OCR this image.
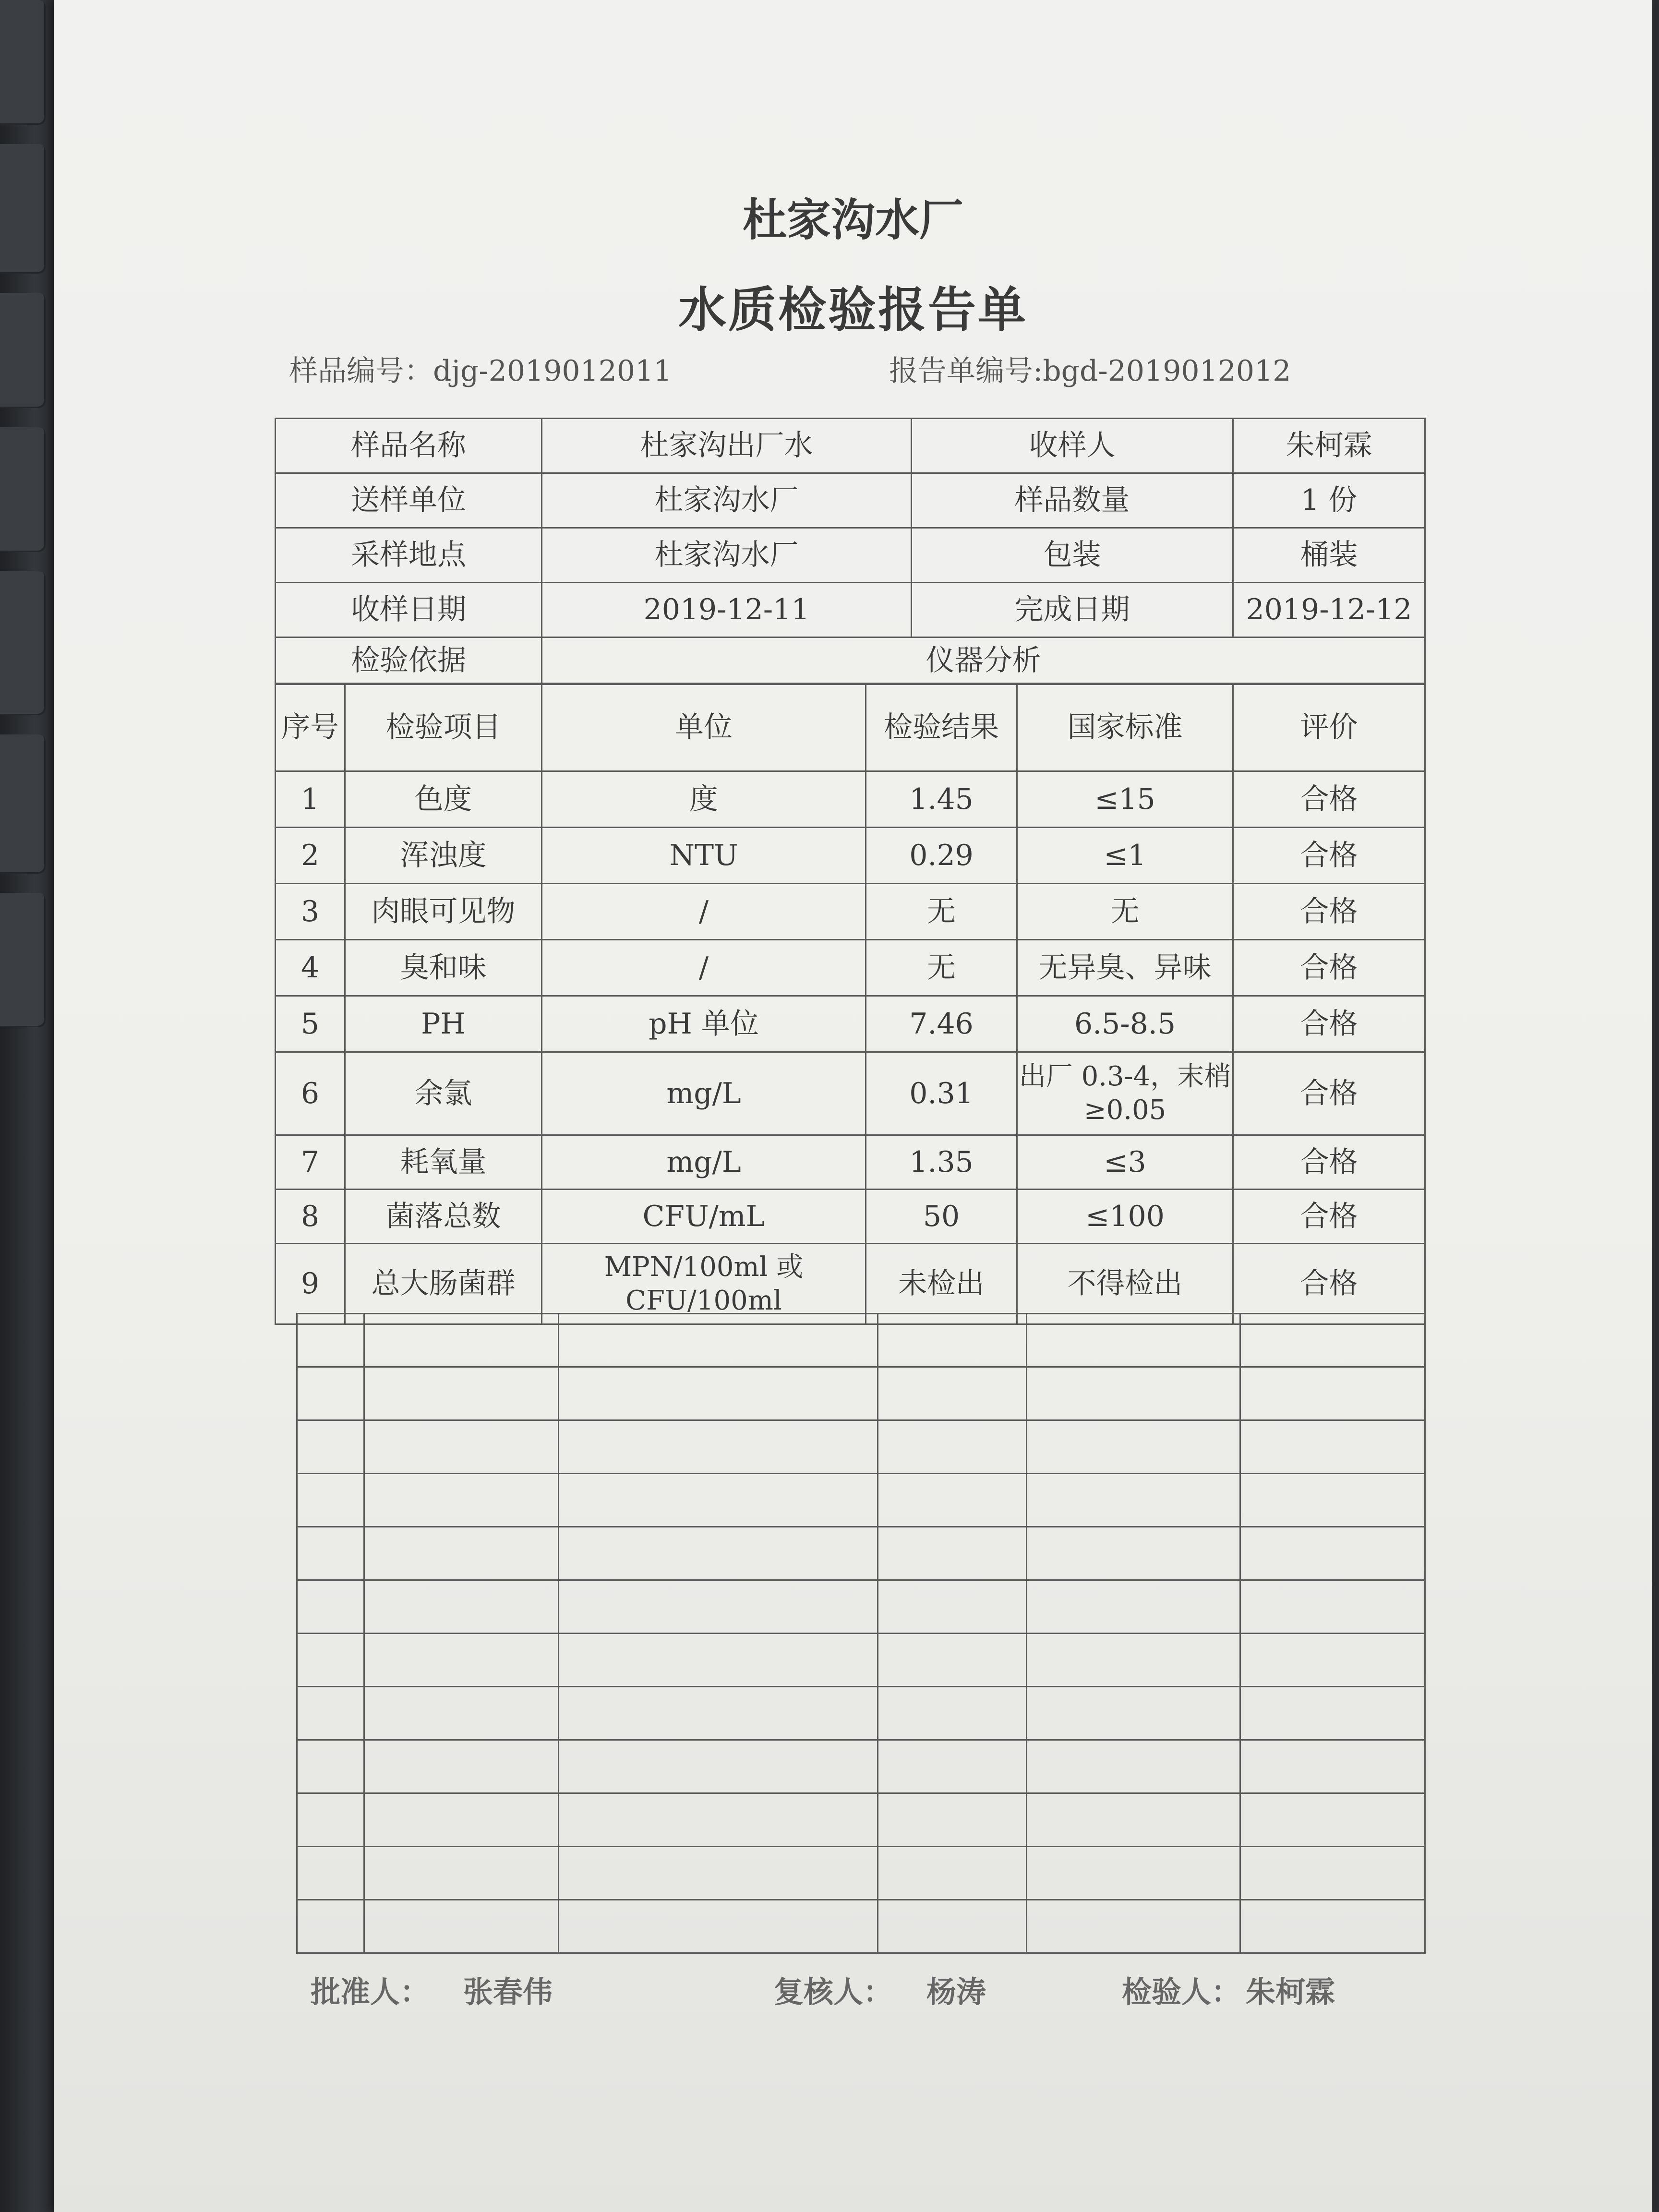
杜家沟水厂
水质检验报告单
样品编号：djg-2019012011	报告单编号:bgd-2019012012
样品名称	杜家沟出厂水	收样人	朱柯霖
送样单位	杜家沟水厂	样品数量	1 份
采样地点	杜家沟水厂	包装	桶装
收样日期	2019-12-11	完成日期	2019-12-12
检验依据	仪器分析		
序号	检验项目	单位	检验结果	国家标准	评价
1	色度	度	1.45	≤15	合格
2	浑浊度	NTU	0.29	≤1	合格
3	肉眼可见物	/	无	无	合格
4	臭和味	/	无	无异臭、异味	合格
5	PH	pH 单位	7.46	6.5-8.5	合格
6	余氯	mg/L	0.31	出厂 0.3-4，末梢≥0.05	合格
7	耗氧量	mg/L	1.35	≤3	合格
8	菌落总数	CFU/mL	50	≤100	合格
9	总大肠菌群	MPN/100ml 或 CFU/100ml	未检出	不得检出	合格

批准人： 张春伟	复核人： 杨涛	检验人： 朱柯霖
